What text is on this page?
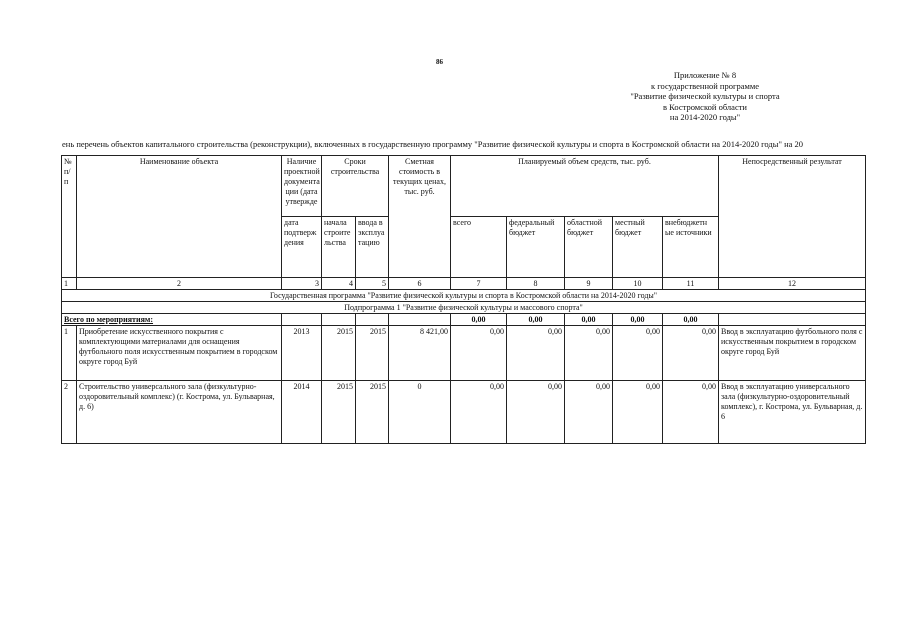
86
Приложение № 8
к государственной программе
"Развитие физической культуры и спорта
в Костромской области
на 2014-2020 годы"
ень перечень объектов капитального строительства (реконструкции), включенных в государственную программу "Развитие физической культуры и спорта в Костромской области на 2014-2020 годы" на 20
№ п/п	Наименование объекта	Наличие проектной документа ции (дата утвержде	Сроки строительства		Сметная стоимость в текущих ценах, тыс. руб.	Планируемый объем средств, тыс. руб.					Непосредственный результат
		дата подтверж дения	начала строите льства	ввода в эксплуа тацию		всего	федеральный бюджет	областной бюджет	местный бюджет	внебюджетн ые источники	
1	2	3	4	5	6	7	8	9	10	11	12
Государственная программа "Развитие физической культуры и спорта в Костромской области на 2014-2020 годы"											
Подпрограмма 1 "Развитие физической культуры и массового спорта"											
Всего по мероприятиям:						0,00	0,00	0,00	0,00	0,00	
1	Приобретение искусственного покрытия с комплектующими материалами для оснащения футбольного поля искусственным покрытием в городском округе город Буй	2013	2015	2015	8 421,00	0,00	0,00	0,00	0,00	0,00	Ввод в эксплуатацию футбольного поля с искусственным покрытием в городском округе город Буй
2	Строительство универсального зала (физкультурно-оздоровительный комплекс) (г. Кострома, ул. Бульварная, д. 6)	2014	2015	2015	0	0,00	0,00	0,00	0,00	0,00	Ввод в эксплуатацию универсального зала (физкультурно-оздоровительный комплекс), г. Кострома, ул. Бульварная, д. 6
